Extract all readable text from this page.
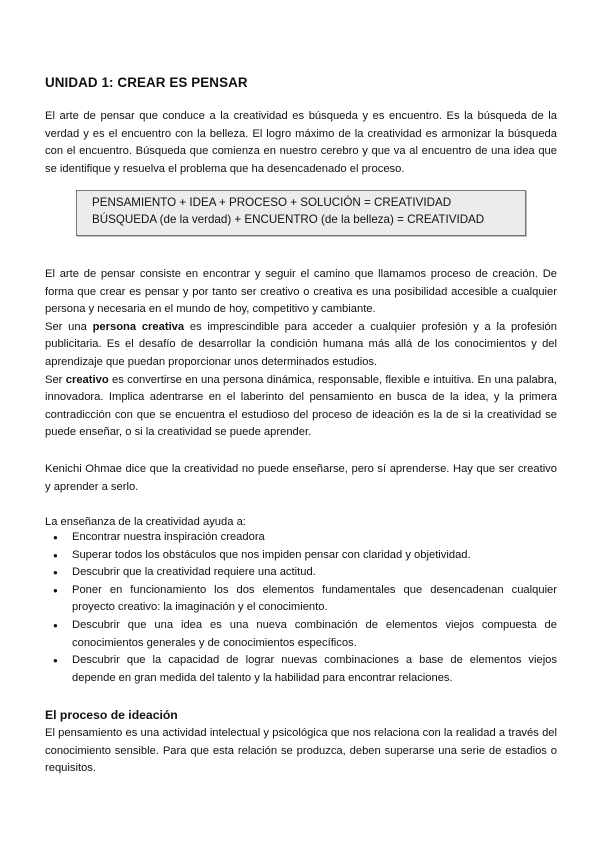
UNIDAD 1: CREAR ES PENSAR

El arte de pensar que conduce a la creatividad es búsqueda y es encuentro. Es la búsqueda de la verdad y es el encuentro con la belleza. El logro máximo de la creatividad es armonizar la búsqueda con el encuentro. Búsqueda que comienza en nuestro cerebro y que va al encuentro de una idea que se identifique y resuelva el problema que ha desencadenado el proceso.

PENSAMIENTO + IDEA + PROCESO + SOLUCIÓN = CREATIVIDAD
BÚSQUEDA (de la verdad) + ENCUENTRO (de la belleza) = CREATIVIDAD
El arte de pensar consiste en encontrar y seguir el camino que llamamos proceso de creación. De forma que crear es pensar y por tanto ser creativo o creativa es una posibilidad accesible a cualquier persona y necesaria en el mundo de hoy, competitivo y cambiante.
Ser una persona creativa es imprescindible para acceder a cualquier profesión y a la profesión publicitaria. Es el desafío de desarrollar la condición humana más allá de los conocimientos y del aprendizaje que puedan proporcionar unos determinados estudios.
Ser creativo es convertirse en una persona dinámica, responsable, flexible e intuitiva. En una palabra, innovadora. Implica adentrarse en el laberinto del pensamiento en busca de la idea, y la primera contradicción con que se encuentra el estudioso del proceso de ideación es la de si la creatividad se puede enseñar, o si la creatividad se puede aprender.

Kenichi Ohmae dice que la creatividad no puede enseñarse, pero sí aprenderse. Hay que ser creativo y aprender a serlo.

La enseñanza de la creatividad ayuda a:

● Encontrar nuestra inspiración creadora
● Superar todos los obstáculos que nos impiden pensar con claridad y objetividad.
● Descubrir que la creatividad requiere una actitud.
● Poner en funcionamiento los dos elementos fundamentales que desencadenan cualquier proyecto creativo: la imaginación y el conocimiento.
● Descubrir que una idea es una nueva combinación de elementos viejos compuesta de conocimientos generales y de conocimientos específicos.
● Descubrir que la capacidad de lograr nuevas combinaciones a base de elementos viejos depende en gran medida del talento y la habilidad para encontrar relaciones.
El proceso de ideación

El pensamiento es una actividad intelectual y psicológica que nos relaciona con la realidad a través del conocimiento sensible. Para que esta relación se produzca, deben superarse una serie de estadios o requisitos.
